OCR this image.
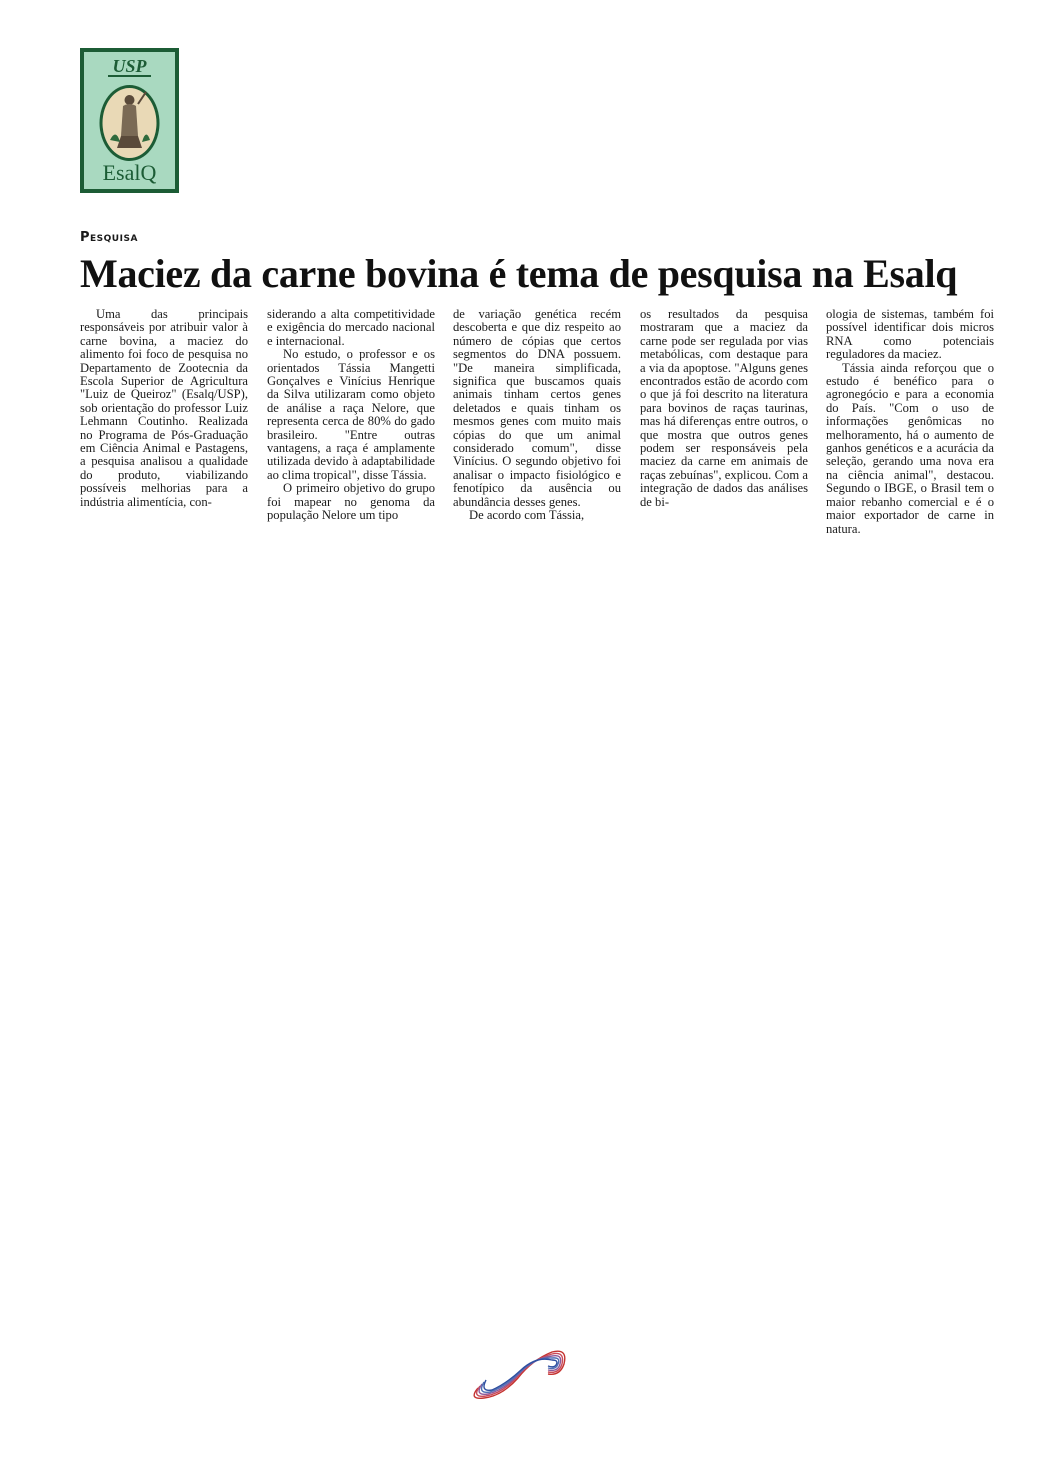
USP
EsalQ
Pesquisa
Maciez da carne bovina é tema de pesquisa na Esalq

Uma das principais responsáveis por atribuir valor à carne bovina, a maciez do alimento foi foco de pesquisa no Departamento de Zootecnia da Escola Superior de Agricultura "Luiz de Queiroz" (Esalq/USP), sob orientação do professor Luiz Lehmann Coutinho. Realizada no Programa de Pós-Graduação em Ciência Animal e Pastagens, a pesquisa analisou a qualidade do produto, viabilizando possíveis melhorias para a indústria alimentícia, con-

siderando a alta competitividade e exigência do mercado nacional e internacional.

No estudo, o professor e os orientados Tássia Mangetti Gonçalves e Vinícius Henrique da Silva utilizaram como objeto de análise a raça Nelore, que representa cerca de 80% do gado brasileiro. "Entre outras vantagens, a raça é amplamente utilizada devido à adaptabilidade ao clima tropical", disse Tássia.

O primeiro objetivo do grupo foi mapear no genoma da população Nelore um tipo

de variação genética recém descoberta e que diz respeito ao número de cópias que certos segmentos do DNA possuem. "De maneira simplificada, significa que buscamos quais animais tinham certos genes deletados e quais tinham os mesmos genes com muito mais cópias do que um animal considerado comum", disse Vinícius. O segundo objetivo foi analisar o impacto fisiológico e fenotípico da ausência ou abundância desses genes.

De acordo com Tássia,

os resultados da pesquisa mostraram que a maciez da carne pode ser regulada por vias metabólicas, com destaque para a via da apoptose. "Alguns genes encontrados estão de acordo com o que já foi descrito na literatura para bovinos de raças taurinas, mas há diferenças entre outros, o que mostra que outros genes podem ser responsáveis pela maciez da carne em animais de raças zebuínas", explicou. Com a integração de dados das análises de bi-

ologia de sistemas, também foi possível identificar dois micros RNA como potenciais reguladores da maciez.

Tássia ainda reforçou que o estudo é benéfico para o agronegócio e para a economia do País. "Com o uso de informações genômicas no melhoramento, há o aumento de ganhos genéticos e a acurácia da seleção, gerando uma nova era na ciência animal", destacou. Segundo o IBGE, o Brasil tem o maior rebanho comercial e é o maior exportador de carne in natura.
